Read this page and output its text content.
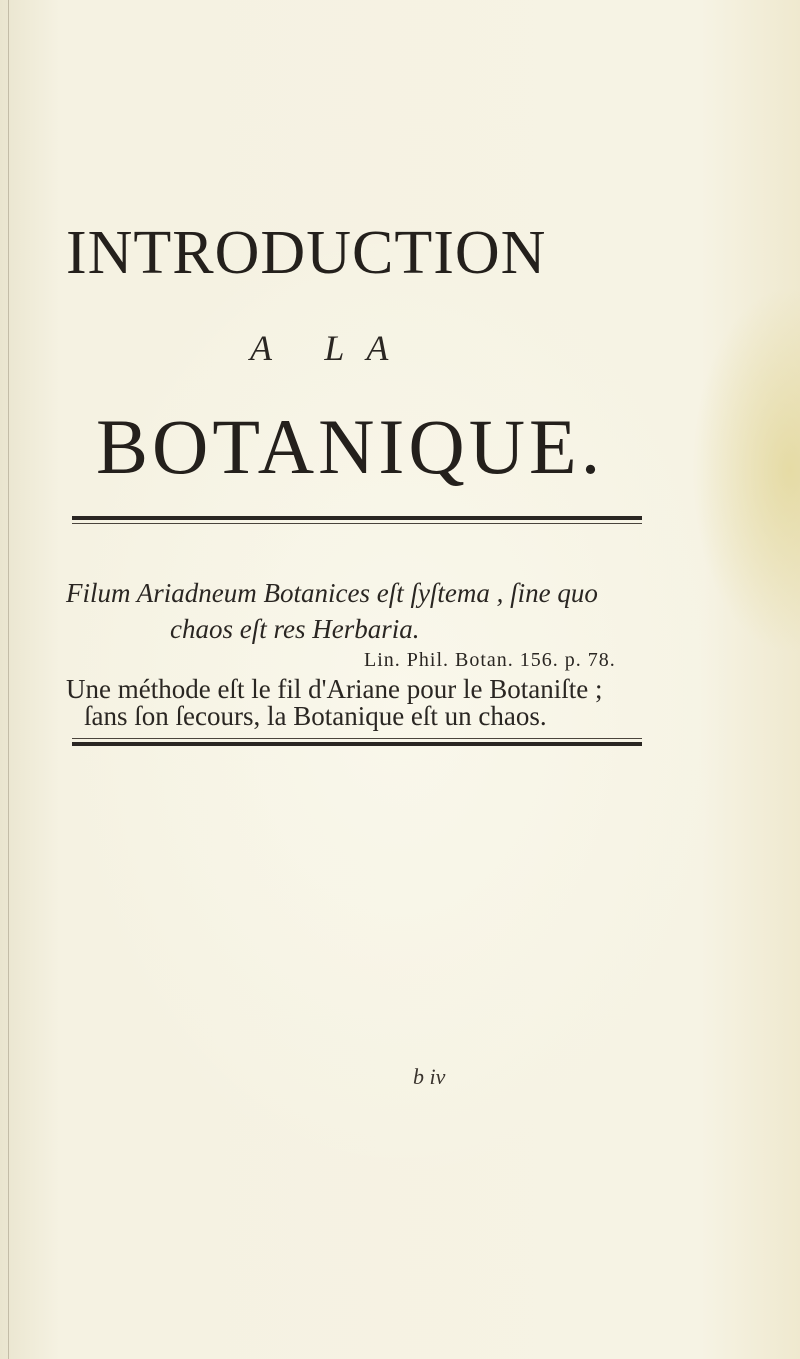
INTRODUCTION
A LA
BOTANIQUE.
Filum Ariadneum Botanices eſt ſyſtema , ſine quo
chaos eſt res Herbaria.
Lin. Phil. Botan. 156. p. 78.
Une méthode eſt le fil d'Ariane pour le Botaniſte ;
ſans ſon ſecours, la Botanique eſt un chaos.
b iv
